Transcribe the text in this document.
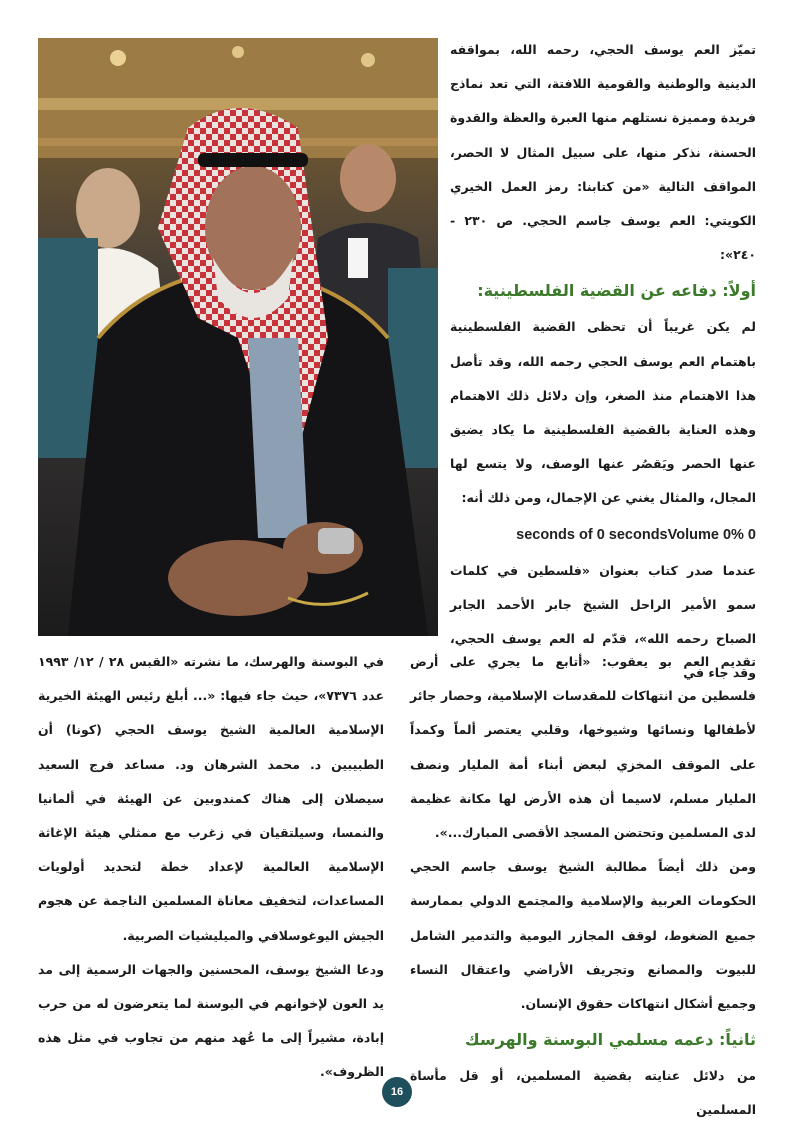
تميّز العم يوسف الحجي، رحمه الله، بمواقفه الدينية والوطنية والقومية اللافتة، التي تعد نماذج فريدة ومميزة نستلهم منها العبرة والعظة والقدوة الحسنة، نذكر منها، على سبيل المثال لا الحصر، المواقف التالية «من كتابنا: رمز العمل الخيري الكويتي: العم يوسف جاسم الحجي. ص ٢٣٠ - ٢٤٠»:

أولاً: دفاعه عن القضية الفلسطينية:

لم يكن غريباً أن تحظى القضية الفلسطينية باهتمام العم يوسف الحجي رحمه الله، وقد تأصل هذا الاهتمام منذ الصغر، وإن دلائل ذلك الاهتمام وهذه العناية بالقضية الفلسطينية ما يكاد يضيق عنها الحصر ويَقصُر عنها الوصف، ولا يتسع لها المجال، والمثال يغني عن الإجمال، ومن ذلك أنه:

seconds of 0 secondsVolume 0% 0

عندما صدر كتاب بعنوان «فلسطين في كلمات سمو الأمير الراحل الشيخ جابر الأحمد الجابر الصباح رحمه الله»، قدّم له العم يوسف الحجي، وقد جاء في

تقديم العم بو يعقوب: «أتابع ما يجري على أرض فلسطين من انتهاكات للمقدسات الإسلامية، وحصار جائر لأطفالها ونسائها وشيوخها، وقلبي يعتصر ألماً وكمداً على الموقف المخزي لبعض أبناء أمة المليار ونصف المليار مسلم، لاسيما أن هذه الأرض لها مكانة عظيمة لدى المسلمين وتحتضن المسجد الأقصى المبارك...».

ومن ذلك أيضاً مطالبة الشيخ يوسف جاسم الحجي الحكومات العربية والإسلامية والمجتمع الدولي بممارسة جميع الضغوط، لوقف المجازر اليومية والتدمير الشامل للبيوت والمصانع وتجريف الأراضي واعتقال النساء وجميع أشكال انتهاكات حقوق الإنسان.

ثانياً: دعمه مسلمي البوسنة والهرسك

من دلائل عنايته بقضية المسلمين، أو قل مأساة المسلمين

في البوسنة والهرسك، ما نشرته «القبس ٢٨ / ١٢/ ١٩٩٣ عدد ٧٣٧٦»، حيث جاء فيها: «... أبلغ رئيس الهيئة الخيرية الإسلامية العالمية الشيخ يوسف الحجي (كونا) أن الطبيبين د. محمد الشرهان ود. مساعد فرج السعيد سيصلان إلى هناك كمندوبين عن الهيئة في ألمانيا والنمسا، وسيلتقيان في زغرب مع ممثلي هيئة الإغاثة الإسلامية العالمية لإعداد خطة لتحديد أولويات المساعدات، لتخفيف معاناة المسلمين الناجمة عن هجوم الجيش اليوغوسلافي والميليشيات الصربية.

ودعا الشيخ يوسف، المحسنين والجهات الرسمية إلى مد يد العون لإخوانهم في البوسنة لما يتعرضون له من حرب إبادة، مشيراً إلى ما عُهد منهم من تجاوب في مثل هذه الظروف».

16
